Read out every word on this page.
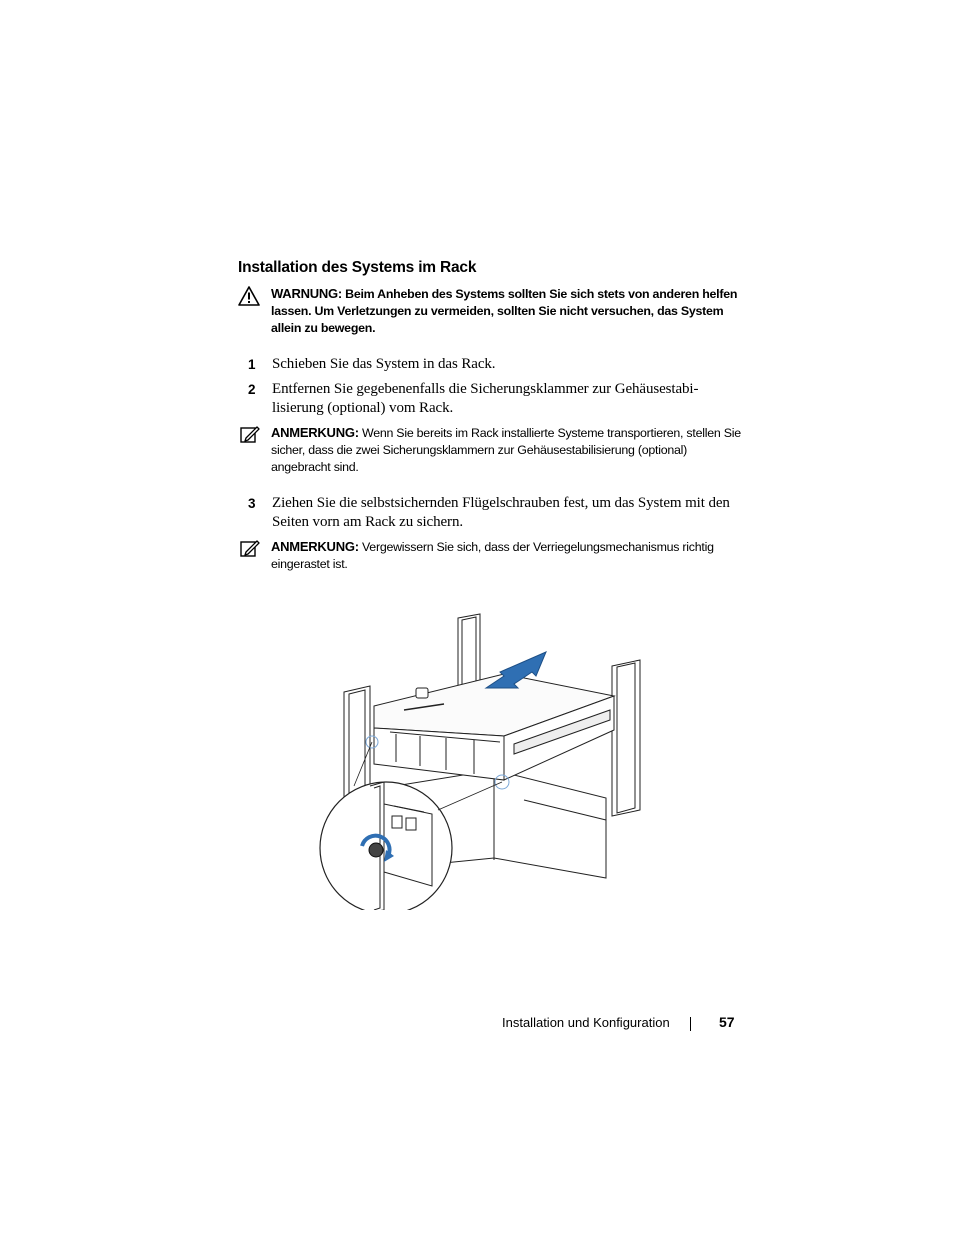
Installation des Systems im Rack
WARNUNG: Beim Anheben des Systems sollten Sie sich stets von anderen helfen lassen. Um Verletzungen zu vermeiden, sollten Sie nicht versuchen, das System allein zu bewegen.
1 Schieben Sie das System in das Rack.
2 Entfernen Sie gegebenenfalls die Sicherungsklammer zur Gehäusestabi-lisierung (optional) vom Rack.
ANMERKUNG: Wenn Sie bereits im Rack installierte Systeme transportieren, stellen Sie sicher, dass die zwei Sicherungsklammern zur Gehäusestabilisierung (optional) angebracht sind.
3 Ziehen Sie die selbstsichernden Flügelschrauben fest, um das System mit den Seiten vorn am Rack zu sichern.
ANMERKUNG: Vergewissern Sie sich, dass der Verriegelungsmechanismus richtig eingerastet ist.
Installation und Konfiguration	57
